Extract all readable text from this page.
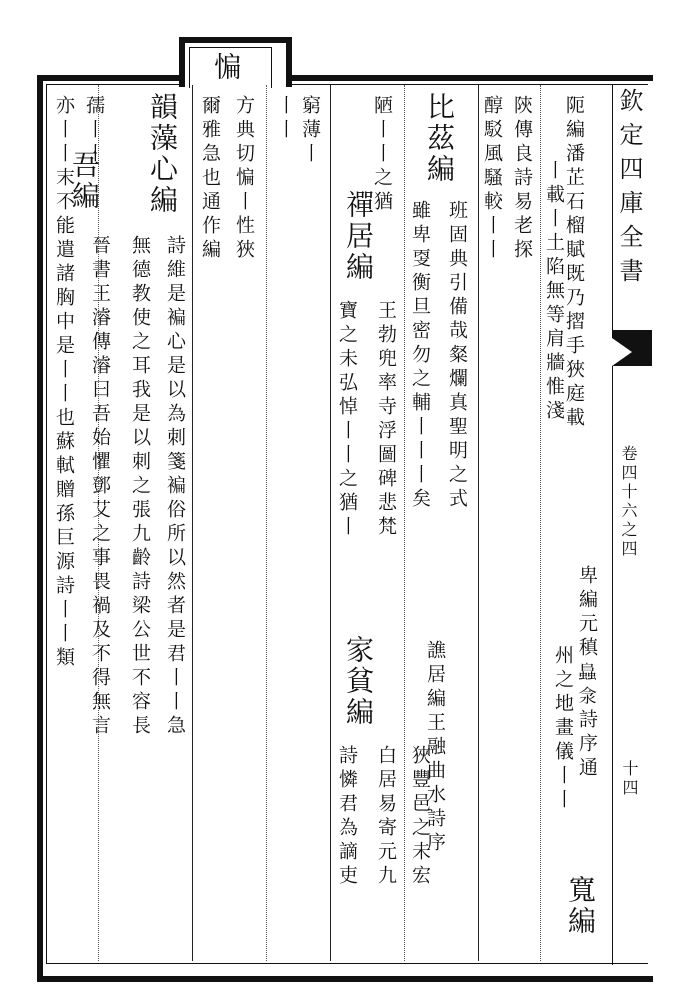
欽定四庫全書
卷四十六之四
十四
惼
阨編潘芷石榴賦既乃摺手狹庭載
丨載丨土陷無等肩牆惟淺
卑編元稹𧒂𣲎詩序通
州之地畫儀丨丨
寬編
陝傳良詩易老探
醇駁風騷較丨丨
比茲編
班固典引備哉粲爛真聖明之式
雖卑㪅衡旦密勿之輔丨丨丨矣
譙居編王融曲水詩序
狹豐邑之未宏
陋丨丨之猶
禪居編
王勃兜率寺浮圖碑悲梵
寶之未弘悼丨丨之猶丨
家貧編
白居易寄元九
詩憐君為謫吏
窮薄丨
丨丨
方典切惼丨性狹
爾雅急也通作編
韻藻心編
詩維是褊心是以為刺箋褊俗所以然者是君丨丨急
無德教使之耳我是以刺之張九齡詩梁公世不容長
孺丨丨
吾編
晉書王濬傳濬曰吾始懼鄧艾之事畏禍及不得無言
亦丨丨末不能遣諸胸中是丨丨也蘇軾贈孫巨源詩丨丨類
